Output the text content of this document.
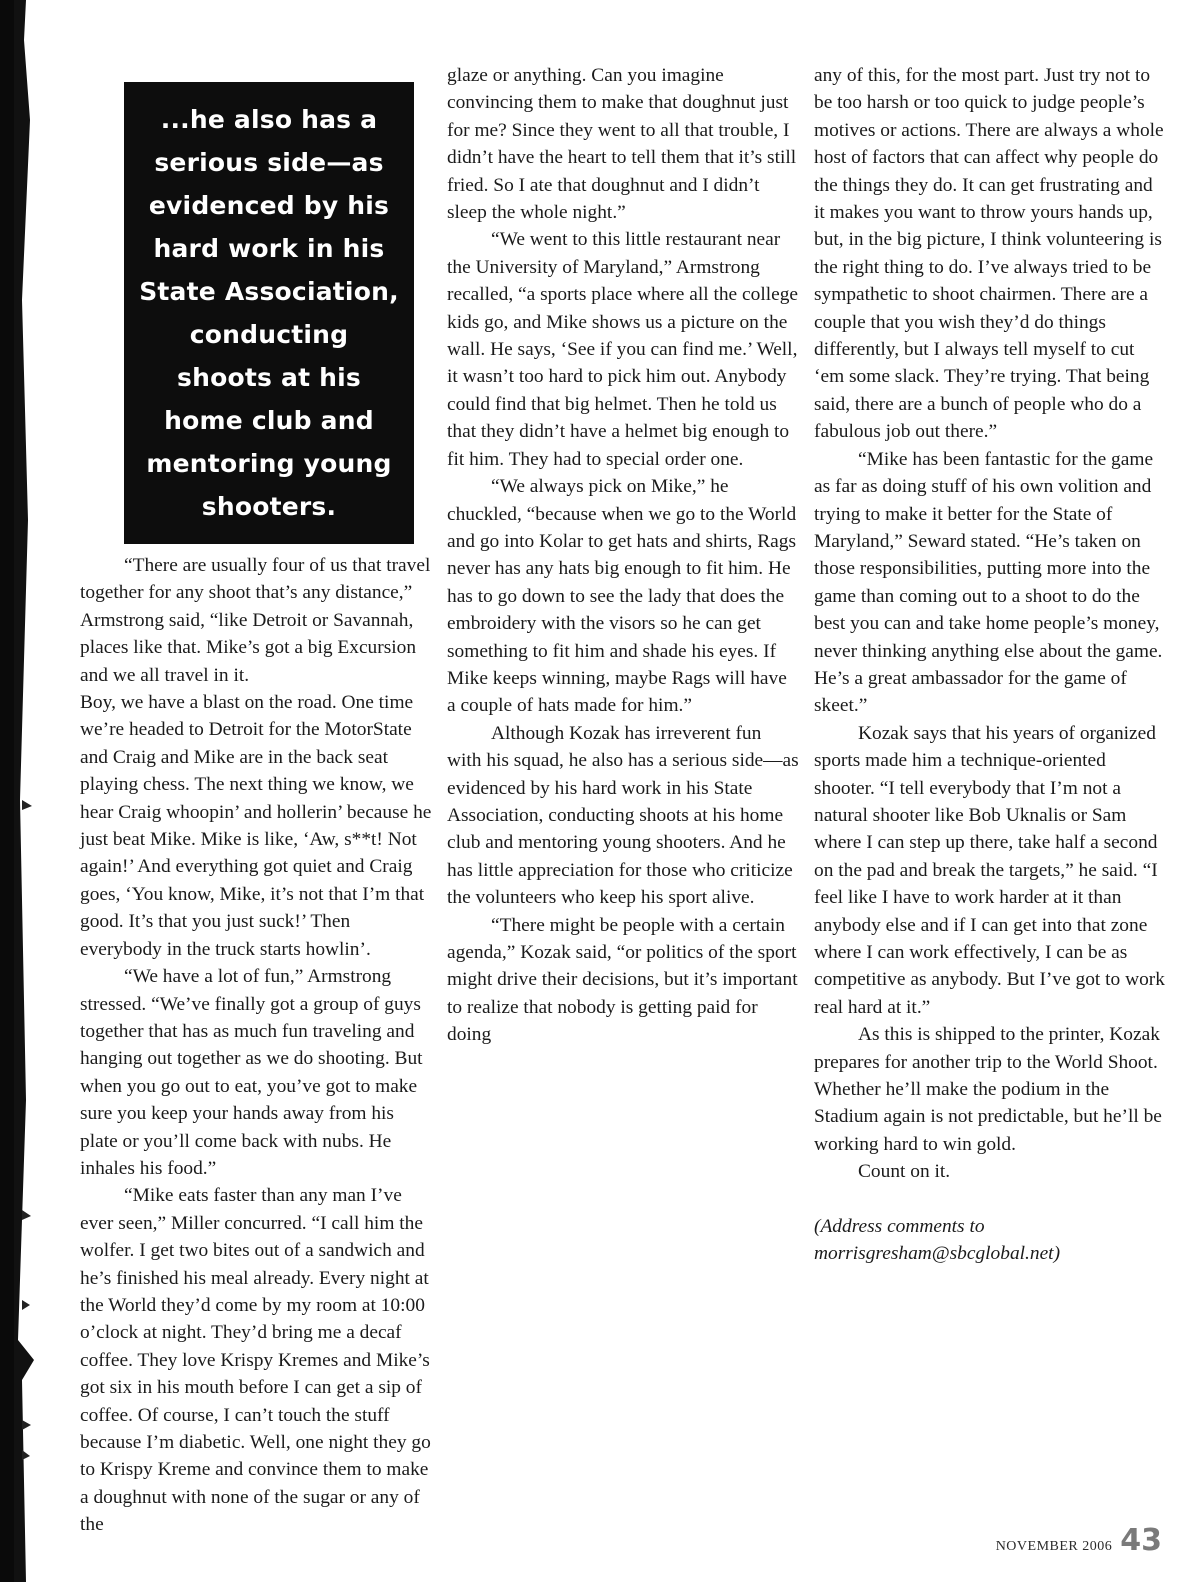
...he also has a serious side—as evidenced by his hard work in his State Association, conducting shoots at his home club and mentoring young shooters.

“There are usually four of us that travel together for any shoot that’s any distance,” Armstrong said, “like Detroit or Savannah, places like that. Mike’s got a big Excursion and we all travel in it.

Boy, we have a blast on the road. One time we’re headed to Detroit for the MotorState and Craig and Mike are in the back seat playing chess. The next thing we know, we hear Craig whoopin’ and hollerin’ because he just beat Mike. Mike is like, ‘Aw, s**t! Not again!’ And everything got quiet and Craig goes, ‘You know, Mike, it’s not that I’m that good. It’s that you just suck!’ Then everybody in the truck starts howlin’.

“We have a lot of fun,” Armstrong stressed. “We’ve finally got a group of guys together that has as much fun traveling and hanging out together as we do shooting. But when you go out to eat, you’ve got to make sure you keep your hands away from his plate or you’ll come back with nubs. He inhales his food.”

“Mike eats faster than any man I’ve ever seen,” Miller concurred. “I call him the wolfer. I get two bites out of a sandwich and he’s finished his meal already. Every night at the World they’d come by my room at 10:00 o’clock at night. They’d bring me a decaf coffee. They love Krispy Kremes and Mike’s got six in his mouth before I can get a sip of coffee. Of course, I can’t touch the stuff because I’m diabetic. Well, one night they go to Krispy Kreme and convince them to make a doughnut with none of the sugar or any of the

glaze or anything. Can you imagine convincing them to make that doughnut just for me? Since they went to all that trouble, I didn’t have the heart to tell them that it’s still fried. So I ate that doughnut and I didn’t sleep the whole night.”

“We went to this little restaurant near the University of Maryland,” Armstrong recalled, “a sports place where all the college kids go, and Mike shows us a picture on the wall. He says, ‘See if you can find me.’ Well, it wasn’t too hard to pick him out. Anybody could find that big helmet. Then he told us that they didn’t have a helmet big enough to fit him. They had to special order one.

“We always pick on Mike,” he chuckled, “because when we go to the World and go into Kolar to get hats and shirts, Rags never has any hats big enough to fit him. He has to go down to see the lady that does the embroidery with the visors so he can get something to fit him and shade his eyes. If Mike keeps winning, maybe Rags will have a couple of hats made for him.”

Although Kozak has irreverent fun with his squad, he also has a serious side—as evidenced by his hard work in his State Association, conducting shoots at his home club and mentoring young shooters. And he has little appreciation for those who criticize the volunteers who keep his sport alive.

“There might be people with a certain agenda,” Kozak said, “or politics of the sport might drive their decisions, but it’s important to realize that nobody is getting paid for doing

any of this, for the most part. Just try not to be too harsh or too quick to judge people’s motives or actions. There are always a whole host of factors that can affect why people do the things they do. It can get frustrating and it makes you want to throw yours hands up, but, in the big picture, I think volunteering is the right thing to do. I’ve always tried to be sympathetic to shoot chairmen. There are a couple that you wish they’d do things differently, but I always tell myself to cut ‘em some slack. They’re trying. That being said, there are a bunch of people who do a fabulous job out there.”

“Mike has been fantastic for the game as far as doing stuff of his own volition and trying to make it better for the State of Maryland,” Seward stated. “He’s taken on those responsibilities, putting more into the game than coming out to a shoot to do the best you can and take home people’s money, never thinking anything else about the game. He’s a great ambassador for the game of skeet.”

Kozak says that his years of organized sports made him a technique-oriented shooter. “I tell everybody that I’m not a natural shooter like Bob Uknalis or Sam where I can step up there, take half a second on the pad and break the targets,” he said. “I feel like I have to work harder at it than anybody else and if I can get into that zone where I can work effectively, I can be as competitive as anybody. But I’ve got to work real hard at it.”

As this is shipped to the printer, Kozak prepares for another trip to the World Shoot. Whether he’ll make the podium in the Stadium again is not predictable, but he’ll be working hard to win gold.

Count on it.

(Address comments to

morrisgresham@sbcglobal.net)

NOVEMBER 2006 43
